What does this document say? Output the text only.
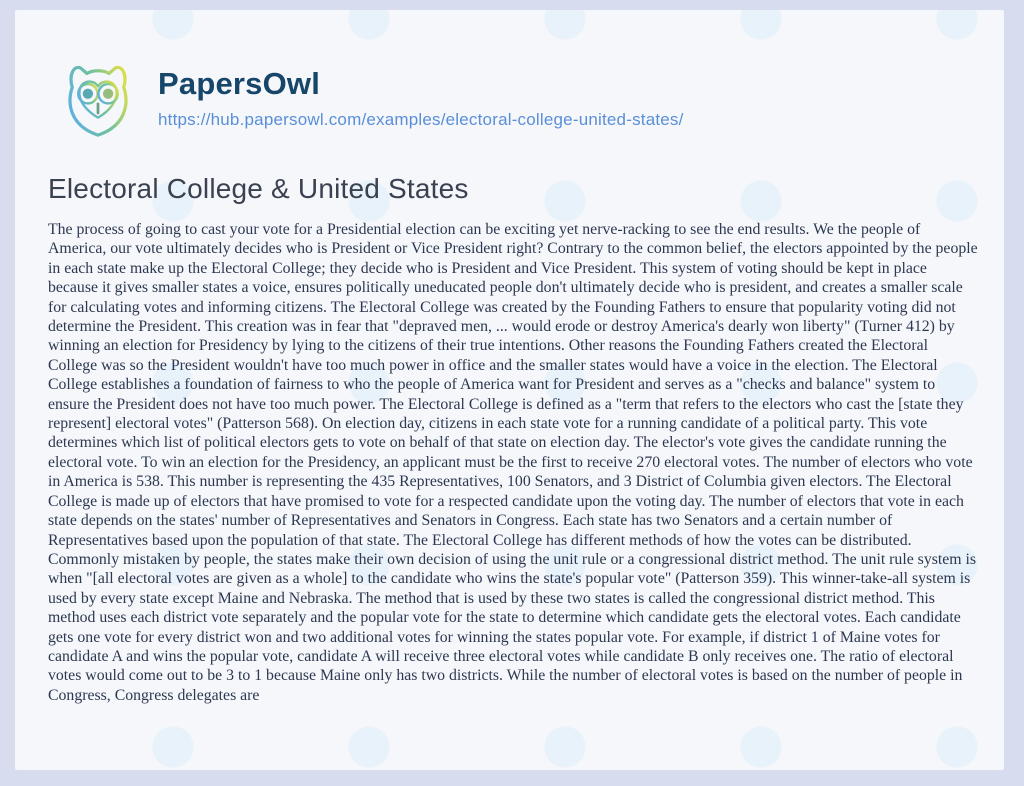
PapersOwl
https://hub.papersowl.com/examples/electoral-college-united-states/
Electoral College & United States

The process of going to cast your vote for a Presidential election can be exciting yet nerve-racking to see the end results. We the people of America, our vote ultimately decides who is President or Vice President right? Contrary to the common belief, the electors appointed by the people in each state make up the Electoral College; they decide who is President and Vice President. This system of voting should be kept in place because it gives smaller states a voice, ensures politically uneducated people don't ultimately decide who is president, and creates a smaller scale for calculating votes and informing citizens. The Electoral College was created by the Founding Fathers to ensure that popularity voting did not determine the President. This creation was in fear that "depraved men, ... would erode or destroy America's dearly won liberty" (Turner 412) by winning an election for Presidency by lying to the citizens of their true intentions. Other reasons the Founding Fathers created the Electoral College was so the President wouldn't have too much power in office and the smaller states would have a voice in the election. The Electoral College establishes a foundation of fairness to who the people of America want for President and serves as a "checks and balance" system to ensure the President does not have too much power. The Electoral College is defined as a "term that refers to the electors who cast the [state they represent] electoral votes" (Patterson 568). On election day, citizens in each state vote for a running candidate of a political party. This vote determines which list of political electors gets to vote on behalf of that state on election day. The elector's vote gives the candidate running the electoral vote. To win an election for the Presidency, an applicant must be the first to receive 270 electoral votes. The number of electors who vote in America is 538. This number is representing the 435 Representatives, 100 Senators, and 3 District of Columbia given electors. The Electoral College is made up of electors that have promised to vote for a respected candidate upon the voting day. The number of electors that vote in each state depends on the states' number of Representatives and Senators in Congress. Each state has two Senators and a certain number of Representatives based upon the population of that state. The Electoral College has different methods of how the votes can be distributed. Commonly mistaken by people, the states make their own decision of using the unit rule or a congressional district method. The unit rule system is when "[all electoral votes are given as a whole] to the candidate who wins the state's popular vote" (Patterson 359). This winner-take-all system is used by every state except Maine and Nebraska. The method that is used by these two states is called the congressional district method. This method uses each district vote separately and the popular vote for the state to determine which candidate gets the electoral votes. Each candidate gets one vote for every district won and two additional votes for winning the states popular vote. For example, if district 1 of Maine votes for candidate A and wins the popular vote, candidate A will receive three electoral votes while candidate B only receives one. The ratio of electoral votes would come out to be 3 to 1 because Maine only has two districts. While the number of electoral votes is based on the number of people in Congress, Congress delegates are
